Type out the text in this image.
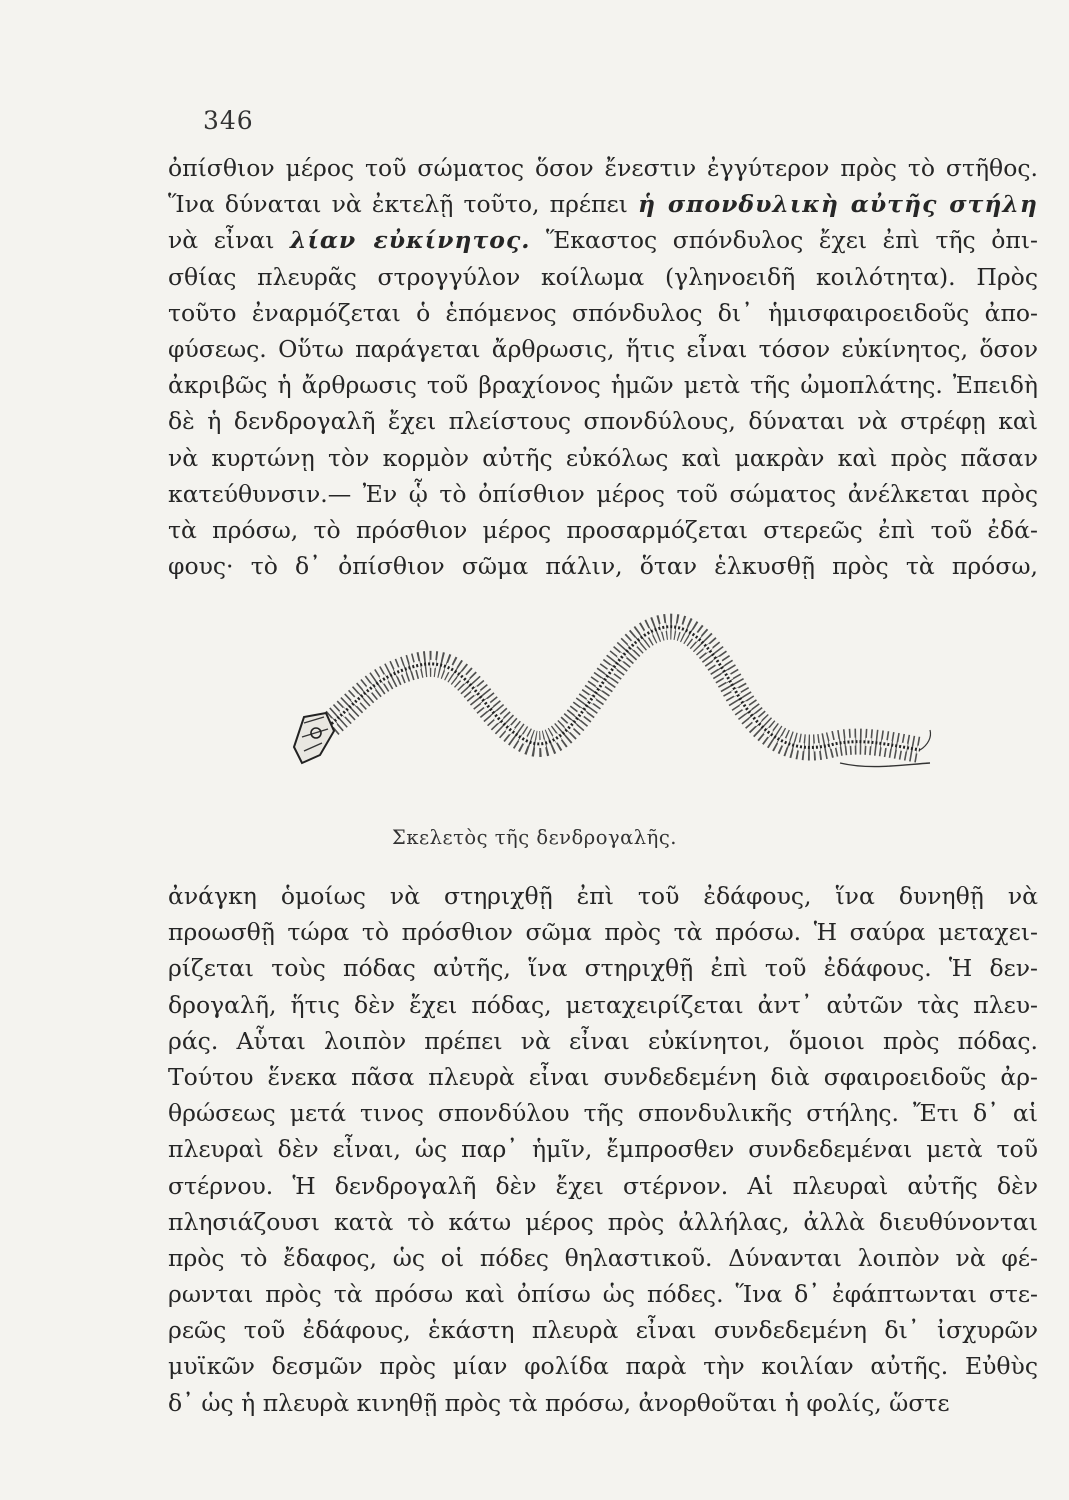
346
ὀπίσθιον μέρος τοῦ σώματος ὅσον ἔνεστιν ἐγγύτερον πρὸς τὸ στῆθος.
Ἵνα δύναται νὰ ἐκτελῇ τοῦτο, πρέπει ἡ σπονδυλικὴ αὐτῆς στήλη
νὰ εἶναι λίαν εὐκίνητος. Ἕκαστος σπόνδυλος ἔχει ἐπὶ τῆς ὀπι-
σθίας πλευρᾶς στρογγύλον κοίλωμα (γληνοειδῆ κοιλότητα). Πρὸς
τοῦτο ἐναρμόζεται ὁ ἑπόμενος σπόνδυλος δι᾽ ἡμισφαιροειδοῦς ἀπο-
φύσεως. Οὕτω παράγεται ἄρθρωσις, ἥτις εἶναι τόσον εὐκίνητος, ὅσον
ἀκριβῶς ἡ ἄρθρωσις τοῦ βραχίονος ἡμῶν μετὰ τῆς ὠμοπλάτης. Ἐπειδὴ
δὲ ἡ δενδρογαλῆ ἔχει πλείστους σπονδύλους, δύναται νὰ στρέφῃ καὶ
νὰ κυρτώνῃ τὸν κορμὸν αὐτῆς εὐκόλως καὶ μακρὰν καὶ πρὸς πᾶσαν
κατεύθυνσιν.— Ἐν ᾧ τὸ ὀπίσθιον μέρος τοῦ σώματος ἀνέλκεται πρὸς
τὰ πρόσω, τὸ πρόσθιον μέρος προσαρμόζεται στερεῶς ἐπὶ τοῦ ἐδά-
φους· τὸ δ᾽ ὀπίσθιον σῶμα πάλιν, ὅταν ἑλκυσθῇ πρὸς τὰ πρόσω,
Σκελετὸς τῆς δενδρογαλῆς.
ἀνάγκη ὁμοίως νὰ στηριχθῇ ἐπὶ τοῦ ἐδάφους, ἵνα δυνηθῇ νὰ
προωσθῇ τώρα τὸ πρόσθιον σῶμα πρὸς τὰ πρόσω. Ἡ σαύρα μεταχει-
ρίζεται τοὺς πόδας αὐτῆς, ἵνα στηριχθῇ ἐπὶ τοῦ ἐδάφους. Ἡ δεν-
δρογαλῆ, ἥτις δὲν ἔχει πόδας, μεταχειρίζεται ἀντ᾽ αὐτῶν τὰς πλευ-
ράς. Αὗται λοιπὸν πρέπει νὰ εἶναι εὐκίνητοι, ὅμοιοι πρὸς πόδας.
Τούτου ἕνεκα πᾶσα πλευρὰ εἶναι συνδεδεμένη διὰ σφαιροειδοῦς ἀρ-
θρώσεως μετά τινος σπονδύλου τῆς σπονδυλικῆς στήλης. Ἔτι δ᾽ αἱ
πλευραὶ δὲν εἶναι, ὡς παρ᾽ ἡμῖν, ἔμπροσθεν συνδεδεμέναι μετὰ τοῦ
στέρνου. Ἡ δενδρογαλῆ δὲν ἔχει στέρνον. Αἱ πλευραὶ αὐτῆς δὲν
πλησιάζουσι κατὰ τὸ κάτω μέρος πρὸς ἀλλήλας, ἀλλὰ διευθύνονται
πρὸς τὸ ἔδαφος, ὡς οἱ πόδες θηλαστικοῦ. Δύνανται λοιπὸν νὰ φέ-
ρωνται πρὸς τὰ πρόσω καὶ ὀπίσω ὡς πόδες. Ἵνα δ᾽ ἐφάπτωνται στε-
ρεῶς τοῦ ἐδάφους, ἑκάστη πλευρὰ εἶναι συνδεδεμένη δι᾽ ἰσχυρῶν
μυϊκῶν δεσμῶν πρὸς μίαν φολίδα παρὰ τὴν κοιλίαν αὐτῆς. Εὐθὺς
δ᾽ ὡς ἡ πλευρὰ κινηθῇ πρὸς τὰ πρόσω, ἀνορθοῦται ἡ φολίς, ὥστε
